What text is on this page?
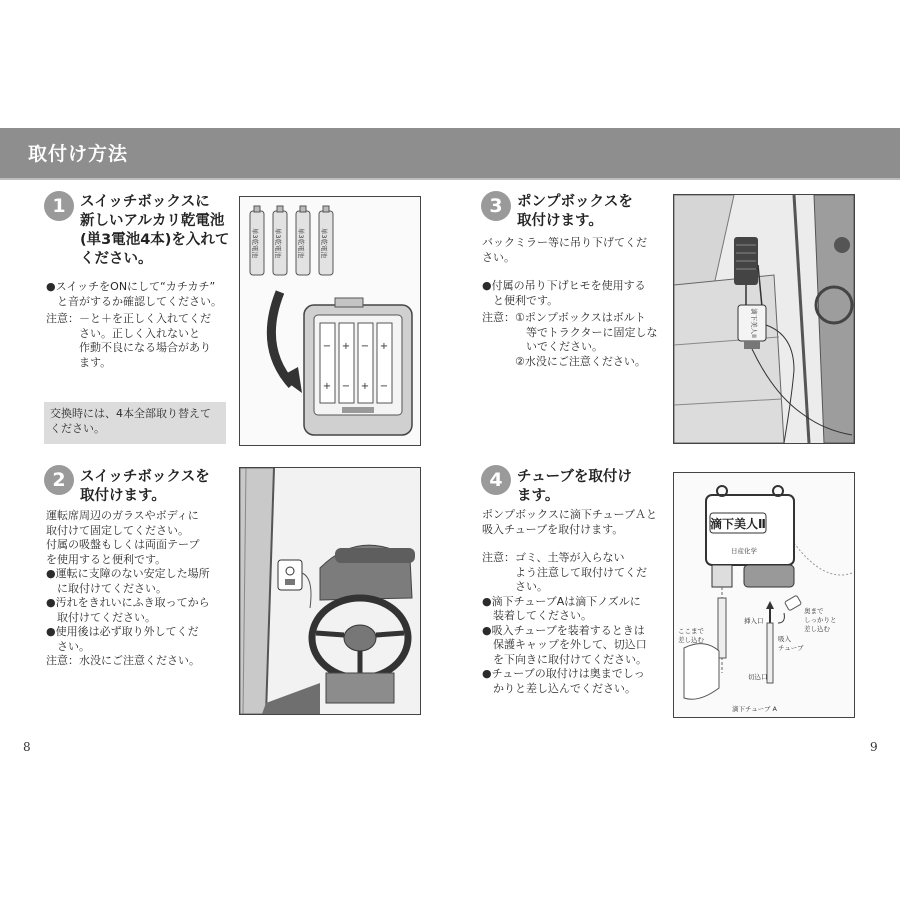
取付け方法
1 スイッチボックスに
新しいアルカリ乾電池
(単3電池4本)を入れて
ください。

●スイッチをONにして“カチカチ”

　と音がするか確認してください。

注意：－と＋を正しく入れてくだ

　　　さい。正しく入れないと

　　　作動不良になる場合があり

　　　ます。

交換時には、4本全部取り替えて
ください。
単3乾電池 単3乾電池 単3乾電池 単3乾電池
− + − +
+ − + −
2 スイッチボックスを
取付けます。

運転席周辺のガラスやボディに

取付けて固定してください。

付属の吸盤もしくは両面テープ

を使用すると便利です。

●運転に支障のない安定した場所

　に取付けてください。

●汚れをきれいにふき取ってから

　取付けてください。

●使用後は必ず取り外してくだ

　さい。

注意：水没にご注意ください。

3 ポンプボックスを
取付けます。

バックミラー等に吊り下げてくだ

さい。

●付属の吊り下げヒモを使用する

　と便利です。

注意：①ポンプボックスはボルト

　　　　等でトラクターに固定しな

　　　　いでください。

　　　②水没にご注意ください。

滴下美人II
4 チューブを取付け
ます。

ポンプボックスに滴下チューブＡと

吸入チューブを取付けます。

注意：ゴミ、土等が入らない

　　　よう注意して取付けてくだ

　　　さい。

●滴下チューブAは滴下ノズルに

　装着してください。

●吸入チューブを装着するときは

　保護キャップを外して、切込口

　を下向きに取付けてください。

●チューブの取付けは奥までしっ

　かりと差し込んでください。

滴下美人Ⅱ
日産化学
奥まで
しっかりと
差し込む
ここまで
差し込む
挿入口
吸入
チューブ
切込口
滴下チューブ A
8	9
